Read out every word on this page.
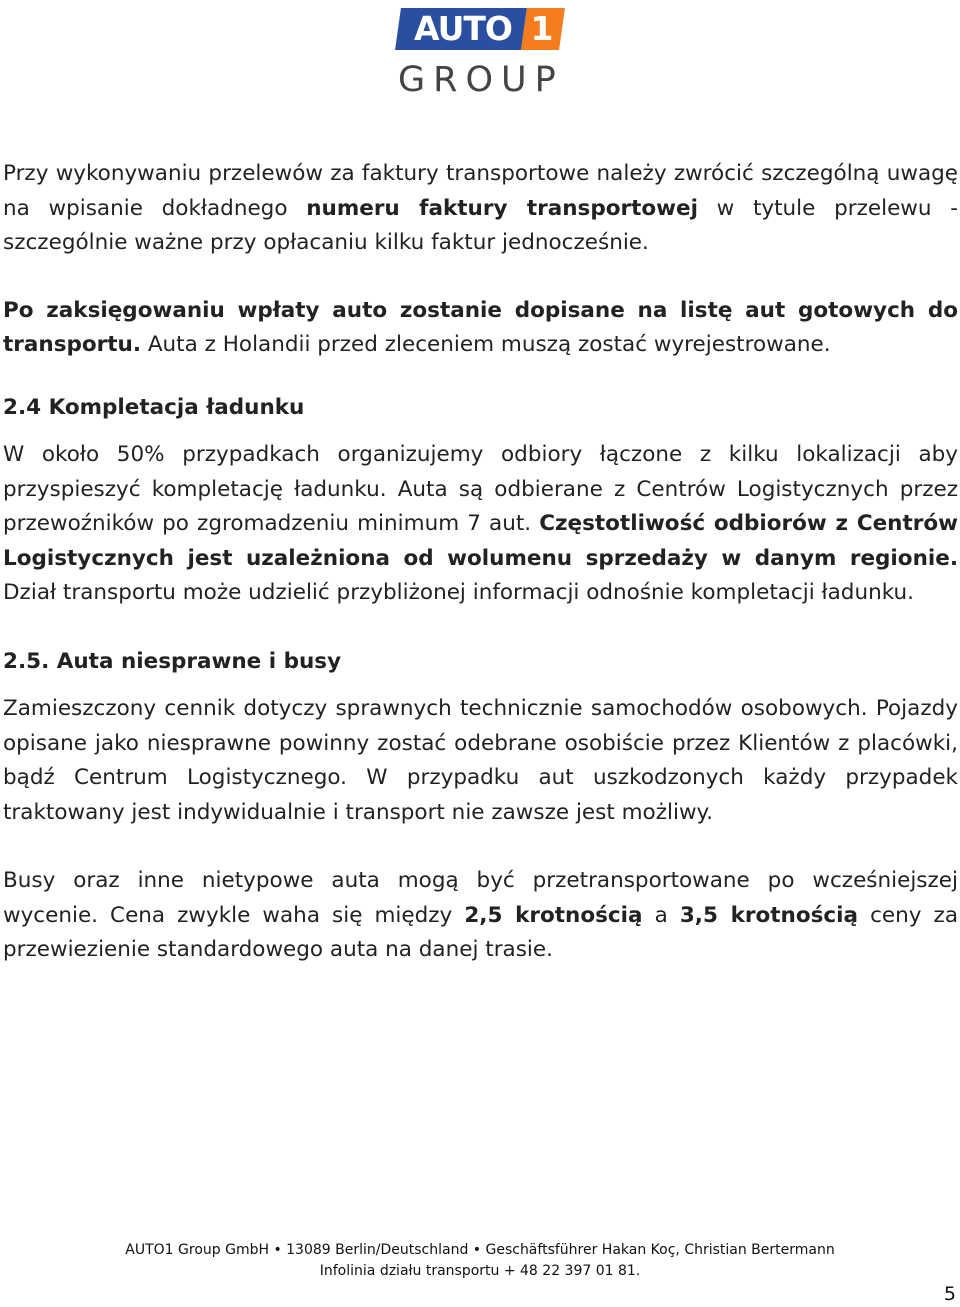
AUTO 1
GROUP

Przy wykonywaniu przelewów za faktury transportowe należy zwrócić szczególną uwagę na wpisanie dokładnego numeru faktury transportowej w tytule przelewu - szczególnie ważne przy opłacaniu kilku faktur jednocześnie.

Po zaksięgowaniu wpłaty auto zostanie dopisane na listę aut gotowych do transportu. Auta z Holandii przed zleceniem muszą zostać wyrejestrowane.

2.4 Kompletacja ładunku

W około 50% przypadkach organizujemy odbiory łączone z kilku lokalizacji aby przyspieszyć kompletację ładunku. Auta są odbierane z Centrów Logistycznych przez przewoźników po zgromadzeniu minimum 7 aut. Częstotliwość odbiorów z Centrów Logistycznych jest uzależniona od wolumenu sprzedaży w danym regionie. Dział transportu może udzielić przybliżonej informacji odnośnie kompletacji ładunku.

2.5. Auta niesprawne i busy

Zamieszczony cennik dotyczy sprawnych technicznie samochodów osobowych. Pojazdy opisane jako niesprawne powinny zostać odebrane osobiście przez Klientów z placówki, bądź Centrum Logistycznego. W przypadku aut uszkodzonych każdy przypadek traktowany jest indywidualnie i transport nie zawsze jest możliwy.

Busy oraz inne nietypowe auta mogą być przetransportowane po wcześniejszej wycenie. Cena zwykle waha się między 2,5 krotnością a 3,5 krotnością ceny za przewiezienie standardowego auta na danej trasie.

AUTO1 Group GmbH • 13089 Berlin/Deutschland • Geschäftsführer Hakan Koç, Christian Bertermann
Infolinia działu transportu + 48 22 397 01 81.
5
